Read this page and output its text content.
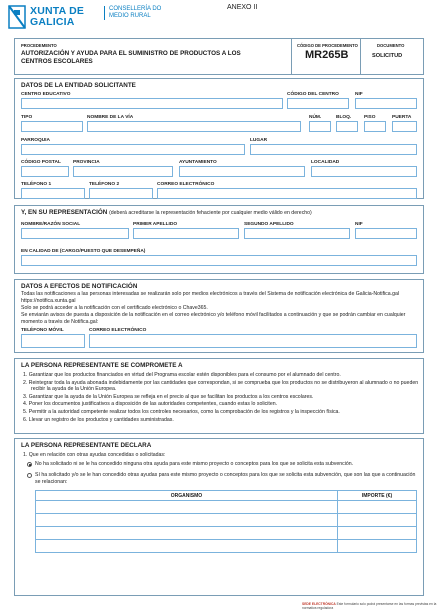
XUNTA DE GALICIA
CONSELLERÍA DO MEDIO RURAL
ANEXO II
PROCEDEMENTO
AUTORIZACIÓN Y AYUDA PARA EL SUMINISTRO DE PRODUCTOS A LOS CENTROS ESCOLARES
CÓDIGO DE PROCEDEMENTO
MR265B
DOCUMENTO
SOLICITUD
DATOS DE LA ENTIDAD SOLICITANTE
CENTRO EDUCATIVO	CÓDIGO DEL CENTRO	NIF
TIPO	NOMBRE DE LA VÍA	NÚM.	BLOQ.	PISO	PUERTA
PARROQUIA	LUGAR
CÓDIGO POSTAL	PROVINCIA	AYUNTAMIENTO	LOCALIDAD
TELÉFONO 1	TELÉFONO 2	CORREO ELECTRÓNICO
Y, EN SU REPRESENTACIÓN (deberá acreditarse la representación fehaciente por cualquier medio válido en derecho)
NOMBRE/RAZÓN SOCIAL	PRIMER APELLIDO	SEGUNDO APELLIDO	NIF
EN CALIDAD DE (CARGO/PUESTO QUE DESEMPEÑA)
DATOS A EFECTOS DE NOTIFICACIÓN
Todas las notificaciones a las personas interesadas se realizarán solo por medios electrónicos a través del Sistema de notificación electrónica de Galicia-Notifica.gal https://notifica.xunta.gal
Solo se podrá acceder a la notificación con el certificado electrónico o Chave365.
Se enviarán avisos de puesta a disposición de la notificación en el correo electrónico y/o teléfono móvil facilitados a continuación y que se podrán cambiar en cualquier momento a través de Notifica.gal:
TELÉFONO MÓVIL	CORREO ELECTRÓNICO
LA PERSONA REPRESENTANTE SE COMPROMETE A
1. Garantizar que los productos financiados en virtud del Programa escolar estén disponibles para el consumo por el alumnado del centro.
2. Reintegrar toda la ayuda abonada indebidamente por las cantidades que correspondan, si se comprueba que los productos no se distribuyeron al alumnado o no pueden recibir la ayuda de la Unión Europea.
3. Garantizar que la ayuda de la Unión Europea se refleja en el precio al que se facilitan los productos a los centros escolares.
4. Poner los documentos justificativos a disposición de las autoridades competentes, cuando estas lo soliciten.
5. Permitir a la autoridad competente realizar todos los controles necesarios, como la comprobación de los registros y la inspección física.
6. Llevar un registro de los productos y cantidades suministradas.
LA PERSONA REPRESENTANTE DECLARA
1. Que en relación con otras ayudas concedidas o solicitadas:
No ha solicitado ni se le ha concedido ninguna otra ayuda para este mismo proyecto o conceptos para los que se solicita esta subvención.
Sí ha solicitado y/o se le han concedido otras ayudas para este mismo proyecto o conceptos para los que se solicita esta subvención, que son las que a continuación se relacionan:
ORGANISMO	IMPORTE (€)

SEDE ELECTRÓNICA Este formulario solo podrá presentarse en las formas previstas en la normativa reguladora
